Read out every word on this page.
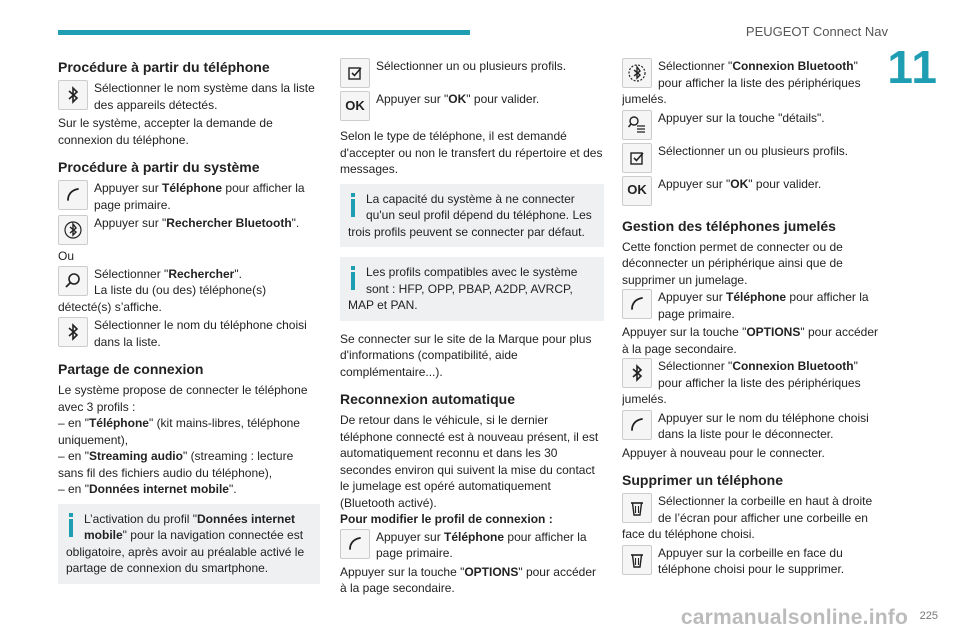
PEUGEOT Connect Nav
11
Procédure à partir du téléphone
Sélectionner le nom système dans la liste des appareils détectés.
Sur le système, accepter la demande de connexion du téléphone.
Procédure à partir du système
Appuyer sur Téléphone pour afficher la page primaire.
Appuyer sur "Rechercher Bluetooth".
Ou
Sélectionner "Rechercher".
La liste du (ou des) téléphone(s) détecté(s) s’affiche.
Sélectionner le nom du téléphone choisi dans la liste.
Partage de connexion
Le système propose de connecter le téléphone avec 3 profils :
– en "Téléphone" (kit mains-libres, téléphone uniquement),
– en "Streaming audio" (streaming : lecture sans fil des fichiers audio du téléphone),
– en "Données internet mobile".
L’activation du profil "Données internet mobile" pour la navigation connectée est obligatoire, après avoir au préalable activé le partage de connexion du smartphone.
Sélectionner un ou plusieurs profils.
OK Appuyer sur "OK" pour valider.
Selon le type de téléphone, il est demandé d'accepter ou non le transfert du répertoire et des messages.
La capacité du système à ne connecter qu'un seul profil dépend du téléphone. Les trois profils peuvent se connecter par défaut.
Les profils compatibles avec le système sont : HFP, OPP, PBAP, A2DP, AVRCP, MAP et PAN.
Se connecter sur le site de la Marque pour plus d'informations (compatibilité, aide complémentaire...).
Reconnexion automatique
De retour dans le véhicule, si le dernier téléphone connecté est à nouveau présent, il est automatiquement reconnu et dans les 30 secondes environ qui suivent la mise du contact le jumelage est opéré automatiquement (Bluetooth activé).
Pour modifier le profil de connexion :
Appuyer sur Téléphone pour afficher la page primaire.
Appuyer sur la touche "OPTIONS" pour accéder à la page secondaire.
Sélectionner "Connexion Bluetooth" pour afficher la liste des périphériques jumelés.
Appuyer sur la touche "détails".
Sélectionner un ou plusieurs profils.
OK Appuyer sur "OK" pour valider.
Gestion des téléphones jumelés
Cette fonction permet de connecter ou de déconnecter un périphérique ainsi que de supprimer un jumelage.
Appuyer sur Téléphone pour afficher la page primaire.
Appuyer sur la touche "OPTIONS" pour accéder à la page secondaire.
Sélectionner "Connexion Bluetooth" pour afficher la liste des périphériques jumelés.
Appuyer sur le nom du téléphone choisi dans la liste pour le déconnecter.
Appuyer à nouveau pour le connecter.
Supprimer un téléphone
Sélectionner la corbeille en haut à droite de l’écran pour afficher une corbeille en face du téléphone choisi.
Appuyer sur la corbeille en face du téléphone choisi pour le supprimer.
carmanualsonline.info 225
